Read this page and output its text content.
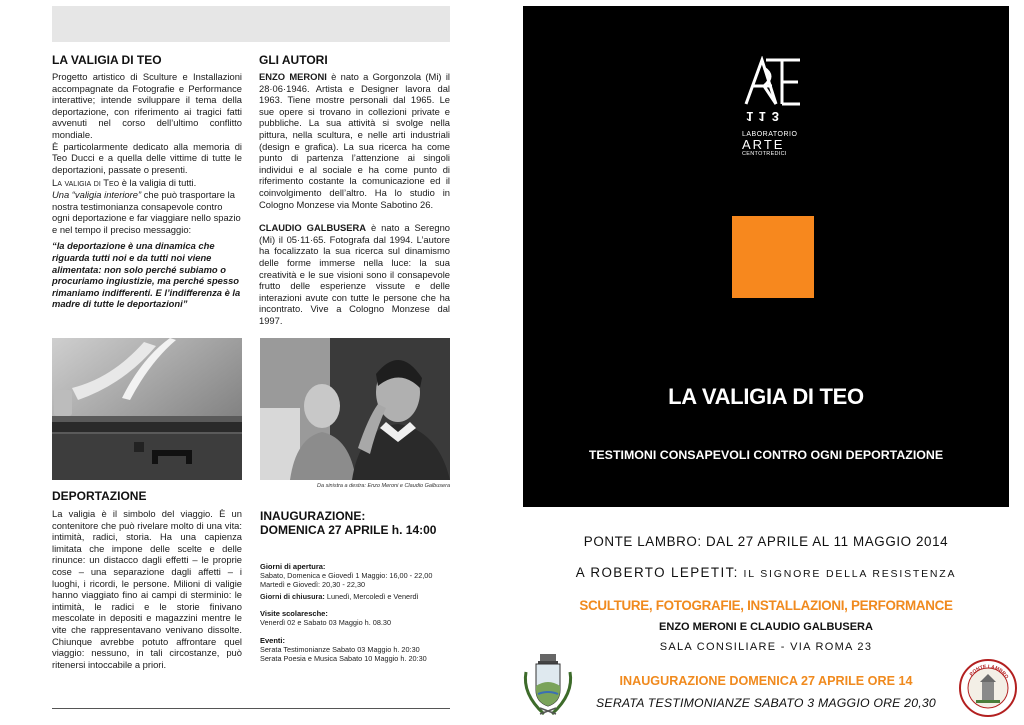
LA VALIGIA DI TEO

Progetto artistico di Sculture e Installazioni accompagnate da Fotografie e Performance interattive; intende sviluppare il tema della deportazione, con riferimento ai tragici fatti avvenuti nel corso dell’ultimo conflitto mondiale.

È particolarmente dedicato alla memoria di Teo Ducci e a quella delle vittime di tutte le deportazioni, passate o presenti.

La valigia di Teo è la valigia di tutti.

Una “valigia interiore” che può trasportare la nostra testimonianza consapevole contro ogni deportazione e far viaggiare nello spazio e nel tempo il preciso messaggio:

“la deportazione è una dinamica che riguarda tutti noi e da tutti noi viene alimentata: non solo perché subiamo o procuriamo ingiustizie, ma perché spesso rimaniamo indifferenti. E l’indifferenza è la madre di tutte le deportazioni”

GLI AUTORI

ENZO MERONI è nato a Gorgonzola (Mi) il 28·06·1946. Artista e Designer lavora dal 1963. Tiene mostre personali dal 1965. Le sue opere si trovano in collezioni private e pubbliche. La sua attività si svolge nella pittura, nella scultura, e nelle arti industriali (design e grafica). La sua ricerca ha come punto di partenza l’attenzione ai singoli individui e al sociale e ha come punto di riferimento costante la comunicazione ed il coinvolgimento dell’altro. Ha lo studio in Cologno Monzese via Monte Sabotino 26.

CLAUDIO GALBUSERA è nato a Seregno (Mi) il 05·11·65. Fotografa dal 1994. L’autore ha focalizzato la sua ricerca sul dinamismo delle forme immerse nella luce: la sua creatività e le sue visioni sono il consapevole frutto delle esperienze vissute e delle interazioni avute con tutte le persone che ha incontrato. Vive a Cologno Monzese dal 1997.

Da sinistra a destra: Enzo Meroni e Claudio Galbusera
DEPORTAZIONE

La valigia è il simbolo del viaggio. È un contenitore che può rivelare molto di una vita: intimità, radici, storia. Ha una capienza limitata che impone delle scelte e delle rinunce: un distacco dagli effetti – le proprie cose – una separazione dagli affetti – i luoghi, i ricordi, le persone. Milioni di valigie hanno viaggiato fino ai campi di sterminio: le intimità, le radici e le storie finivano mescolate in depositi e magazzini mentre le vite che rappresentavano venivano dissolte. Chiunque avrebbe potuto affrontare quel viaggio: nessuno, in tali circostanze, può ritenersi intoccabile a priori.

INAUGURAZIONE:
DOMENICA 27 APRILE h. 14:00
Giorni di apertura:
Sabato, Domenica e Giovedì 1 Maggio: 16,00 - 22,00
Martedì e Giovedì: 20,30 - 22,30
Giorni di chiusura: Lunedì, Mercoledì e Venerdì
Visite scolaresche:
Venerdì 02 e Sabato 03 Maggio h. 08.30
Eventi:
Serata Testimonianze Sabato 03 Maggio h. 20:30
Serata Poesia e Musica Sabato 10 Maggio h. 20:30
113
LABORATORIO
ARTE
CENTOTREDICI
LA VALIGIA DI TEO
TESTIMONI CONSAPEVOLI CONTRO OGNI DEPORTAZIONE
PONTE LAMBRO: DAL 27 APRILE AL 11 MAGGIO 2014
A ROBERTO LEPETIT: IL SIGNORE DELLA RESISTENZA
SCULTURE, FOTOGRAFIE, INSTALLAZIONI, PERFORMANCE
ENZO MERONI E CLAUDIO GALBUSERA
SALA CONSILIARE - VIA ROMA 23
INAUGURAZIONE DOMENICA 27 APRILE ORE 14
SERATA TESTIMONIANZE SABATO 3 MAGGIO ORE 20,30
PONTE LAMBRO
